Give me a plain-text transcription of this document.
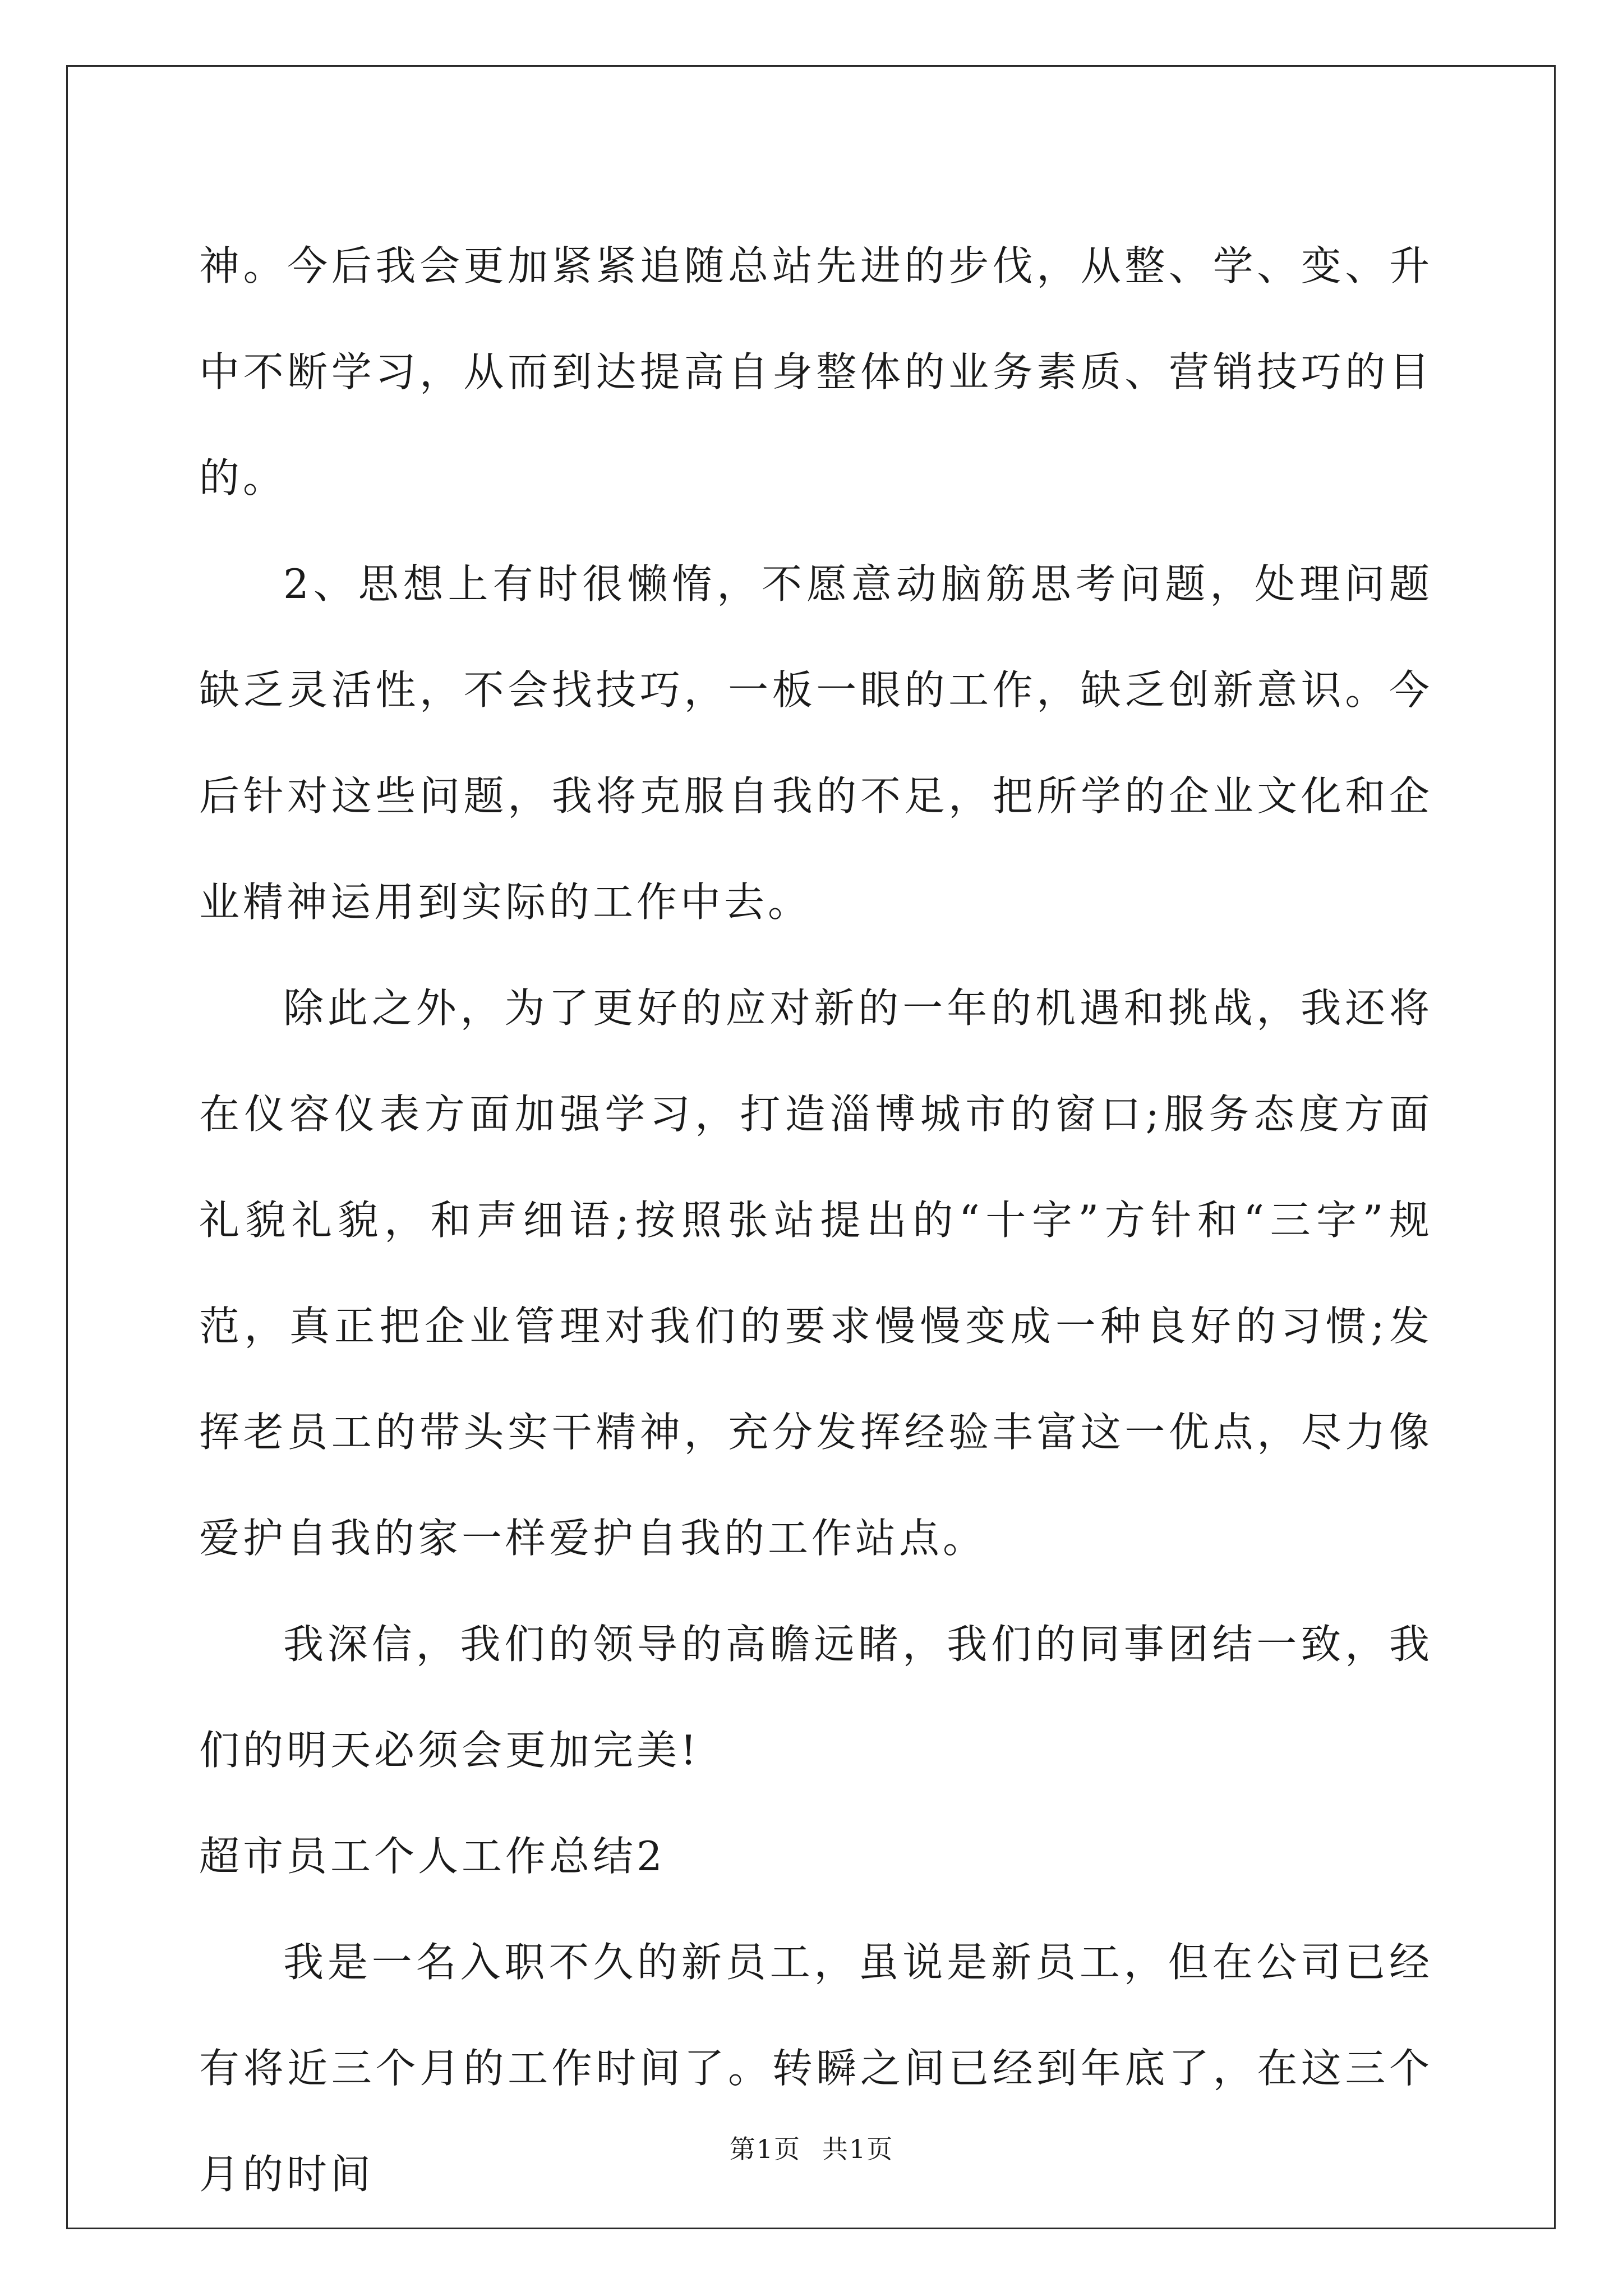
神。今后我会更加紧紧追随总站先进的步伐，从整、学、变、升中不断学习，从而到达提高自身整体的业务素质、营销技巧的目的。

2、思想上有时很懒惰，不愿意动脑筋思考问题，处理问题缺乏灵活性，不会找技巧，一板一眼的工作，缺乏创新意识。今后针对这些问题，我将克服自我的不足，把所学的企业文化和企业精神运用到实际的工作中去。

除此之外，为了更好的应对新的一年的机遇和挑战，我还将在仪容仪表方面加强学习，打造淄博城市的窗口;服务态度方面礼貌礼貌，和声细语;按照张站提出的“十字”方针和“三字”规范，真正把企业管理对我们的要求慢慢变成一种良好的习惯;发挥老员工的带头实干精神，充分发挥经验丰富这一优点，尽力像爱护自我的家一样爱护自我的工作站点。

我深信，我们的领导的高瞻远睹，我们的同事团结一致，我们的明天必须会更加完美!

超市员工个人工作总结2

我是一名入职不久的新员工，虽说是新员工，但在公司已经有将近三个月的工作时间了。转瞬之间已经到年底了，在这三个月的时间

第1页 共1页
